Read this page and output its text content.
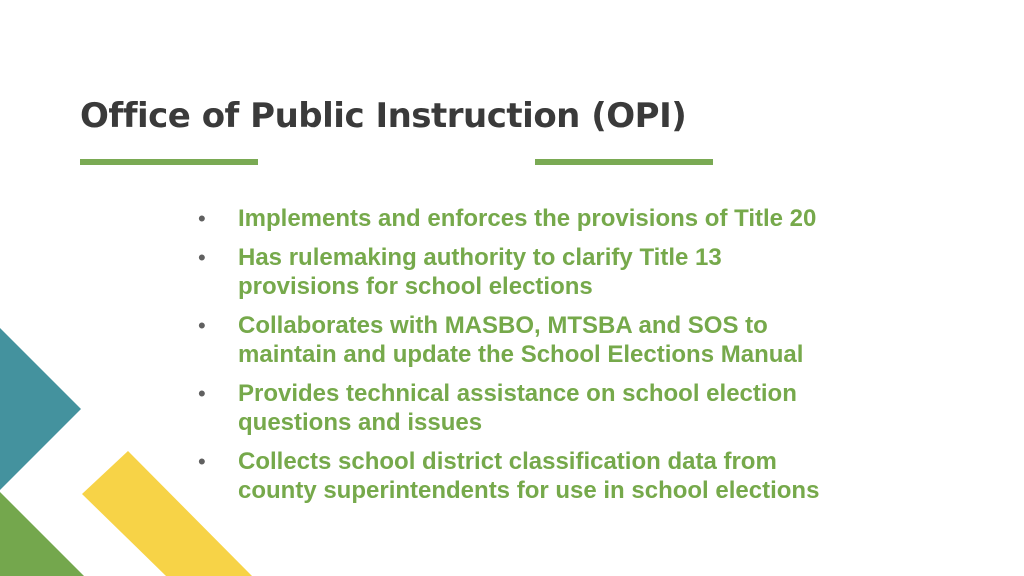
Office of Public Instruction (OPI)
•	Implements and enforces the provisions of Title 20
•	Has rulemaking authority to clarify Title 13
provisions for school elections
•	Collaborates with MASBO, MTSBA and SOS to
maintain and update the School Elections Manual
•	Provides technical assistance on school election
questions and issues
•	Collects school district classification data from
county superintendents for use in school elections
